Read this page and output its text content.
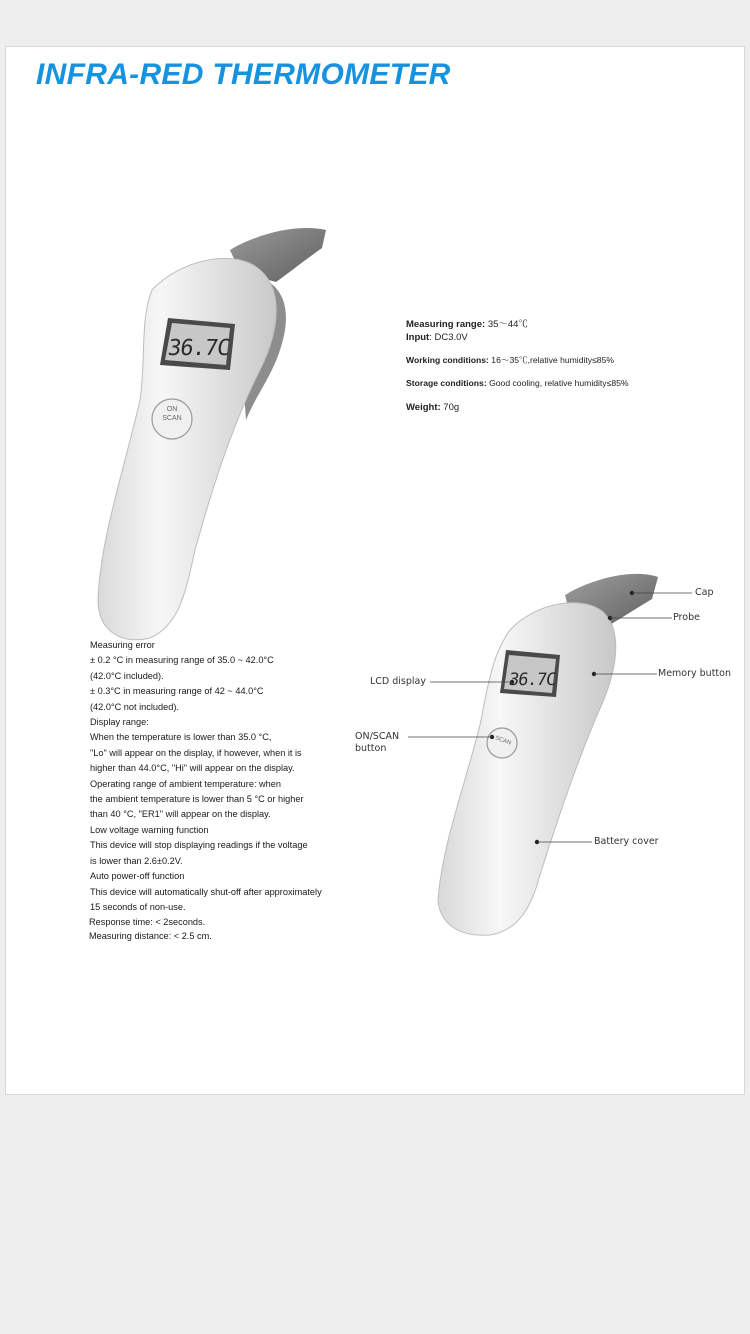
INFRA-RED THERMOMETER
36.7C
ON
SCAN
Measuring range: 35～44℃
Input: DC3.0V
Working conditions: 16～35℃,relative humidity≤85%
Storage conditions: Good cooling, relative humidity≤85%
Weight: 70g
Measuring error
± 0.2 °C in measuring range of 35.0 ~ 42.0°C
(42.0°C included).
± 0.3°C in measuring range of 42 ~ 44.0°C
(42.0°C not included).
Display range:
When the temperature is lower than 35.0 °C,
"Lo" will appear on the display, if however, when it is
higher than 44.0°C, "Hi" will appear on the display.
Operating range of ambient temperature: when
the ambient temperature is lower than 5 °C or higher
than 40 °C, "ER1" will appear on the display.
Low voltage warning function
This device will stop displaying readings if the voltage
is lower than 2.6±0.2V.
Auto power-off function
This device will automatically shut-off after approximately
15 seconds of non-use.
Response time: < 2seconds.
Measuring distance: < 2.5 cm.
36.7C
SCAN
Cap
Probe
Memory button
LCD display
ON/SCAN
button
Battery cover
